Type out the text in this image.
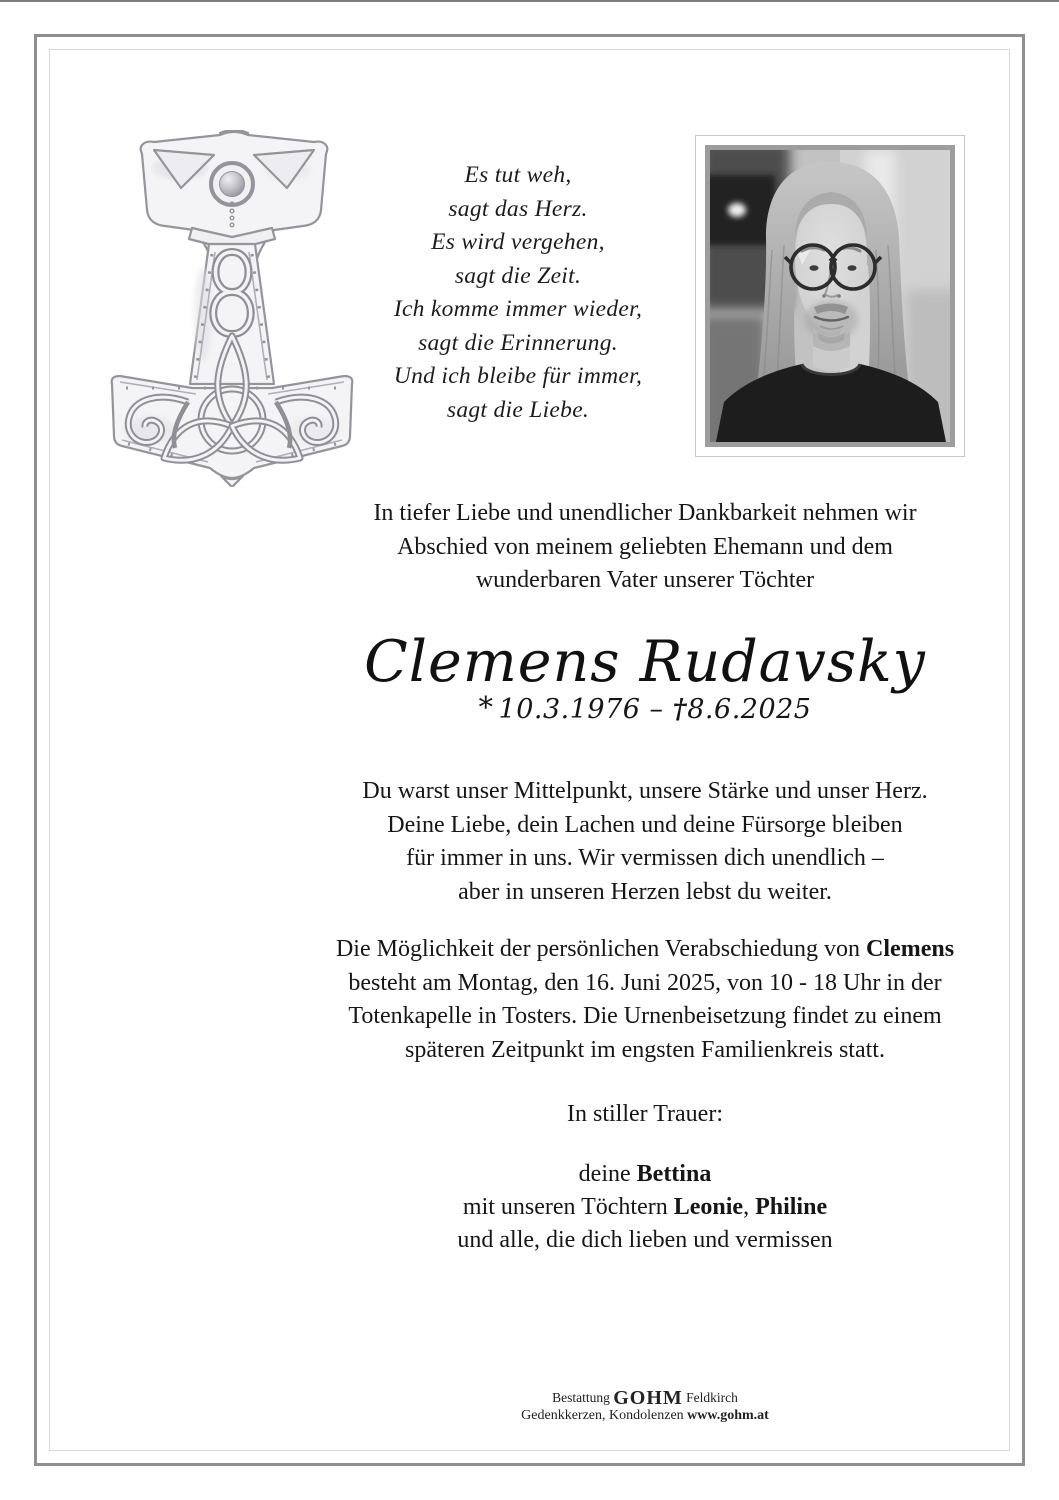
Es tut weh,
sagt das Herz.
Es wird vergehen,
sagt die Zeit.
Ich komme immer wieder,
sagt die Erinnerung.
Und ich bleibe für immer,
sagt die Liebe.
In tiefer Liebe und unendlicher Dankbarkeit nehmen wir
Abschied von meinem geliebten Ehemann und dem
wunderbaren Vater unserer Töchter
Clemens Rudavsky
* 10.3.1976 – †8.6.2025
Du warst unser Mittelpunkt, unsere Stärke und unser Herz.
Deine Liebe, dein Lachen und deine Fürsorge bleiben
für immer in uns. Wir vermissen dich unendlich –
aber in unseren Herzen lebst du weiter.
Die Möglichkeit der persönlichen Verabschiedung von Clemens
besteht am Montag, den 16. Juni 2025, von 10 - 18 Uhr in der
Totenkapelle in Tosters. Die Urnenbeisetzung findet zu einem
späteren Zeitpunkt im engsten Familienkreis statt.
In stiller Trauer:
deine Bettina
mit unseren Töchtern Leonie, Philine
und alle, die dich lieben und vermissen
Bestattung GOHM Feldkirch
Gedenkkerzen, Kondolenzen www.gohm.at
